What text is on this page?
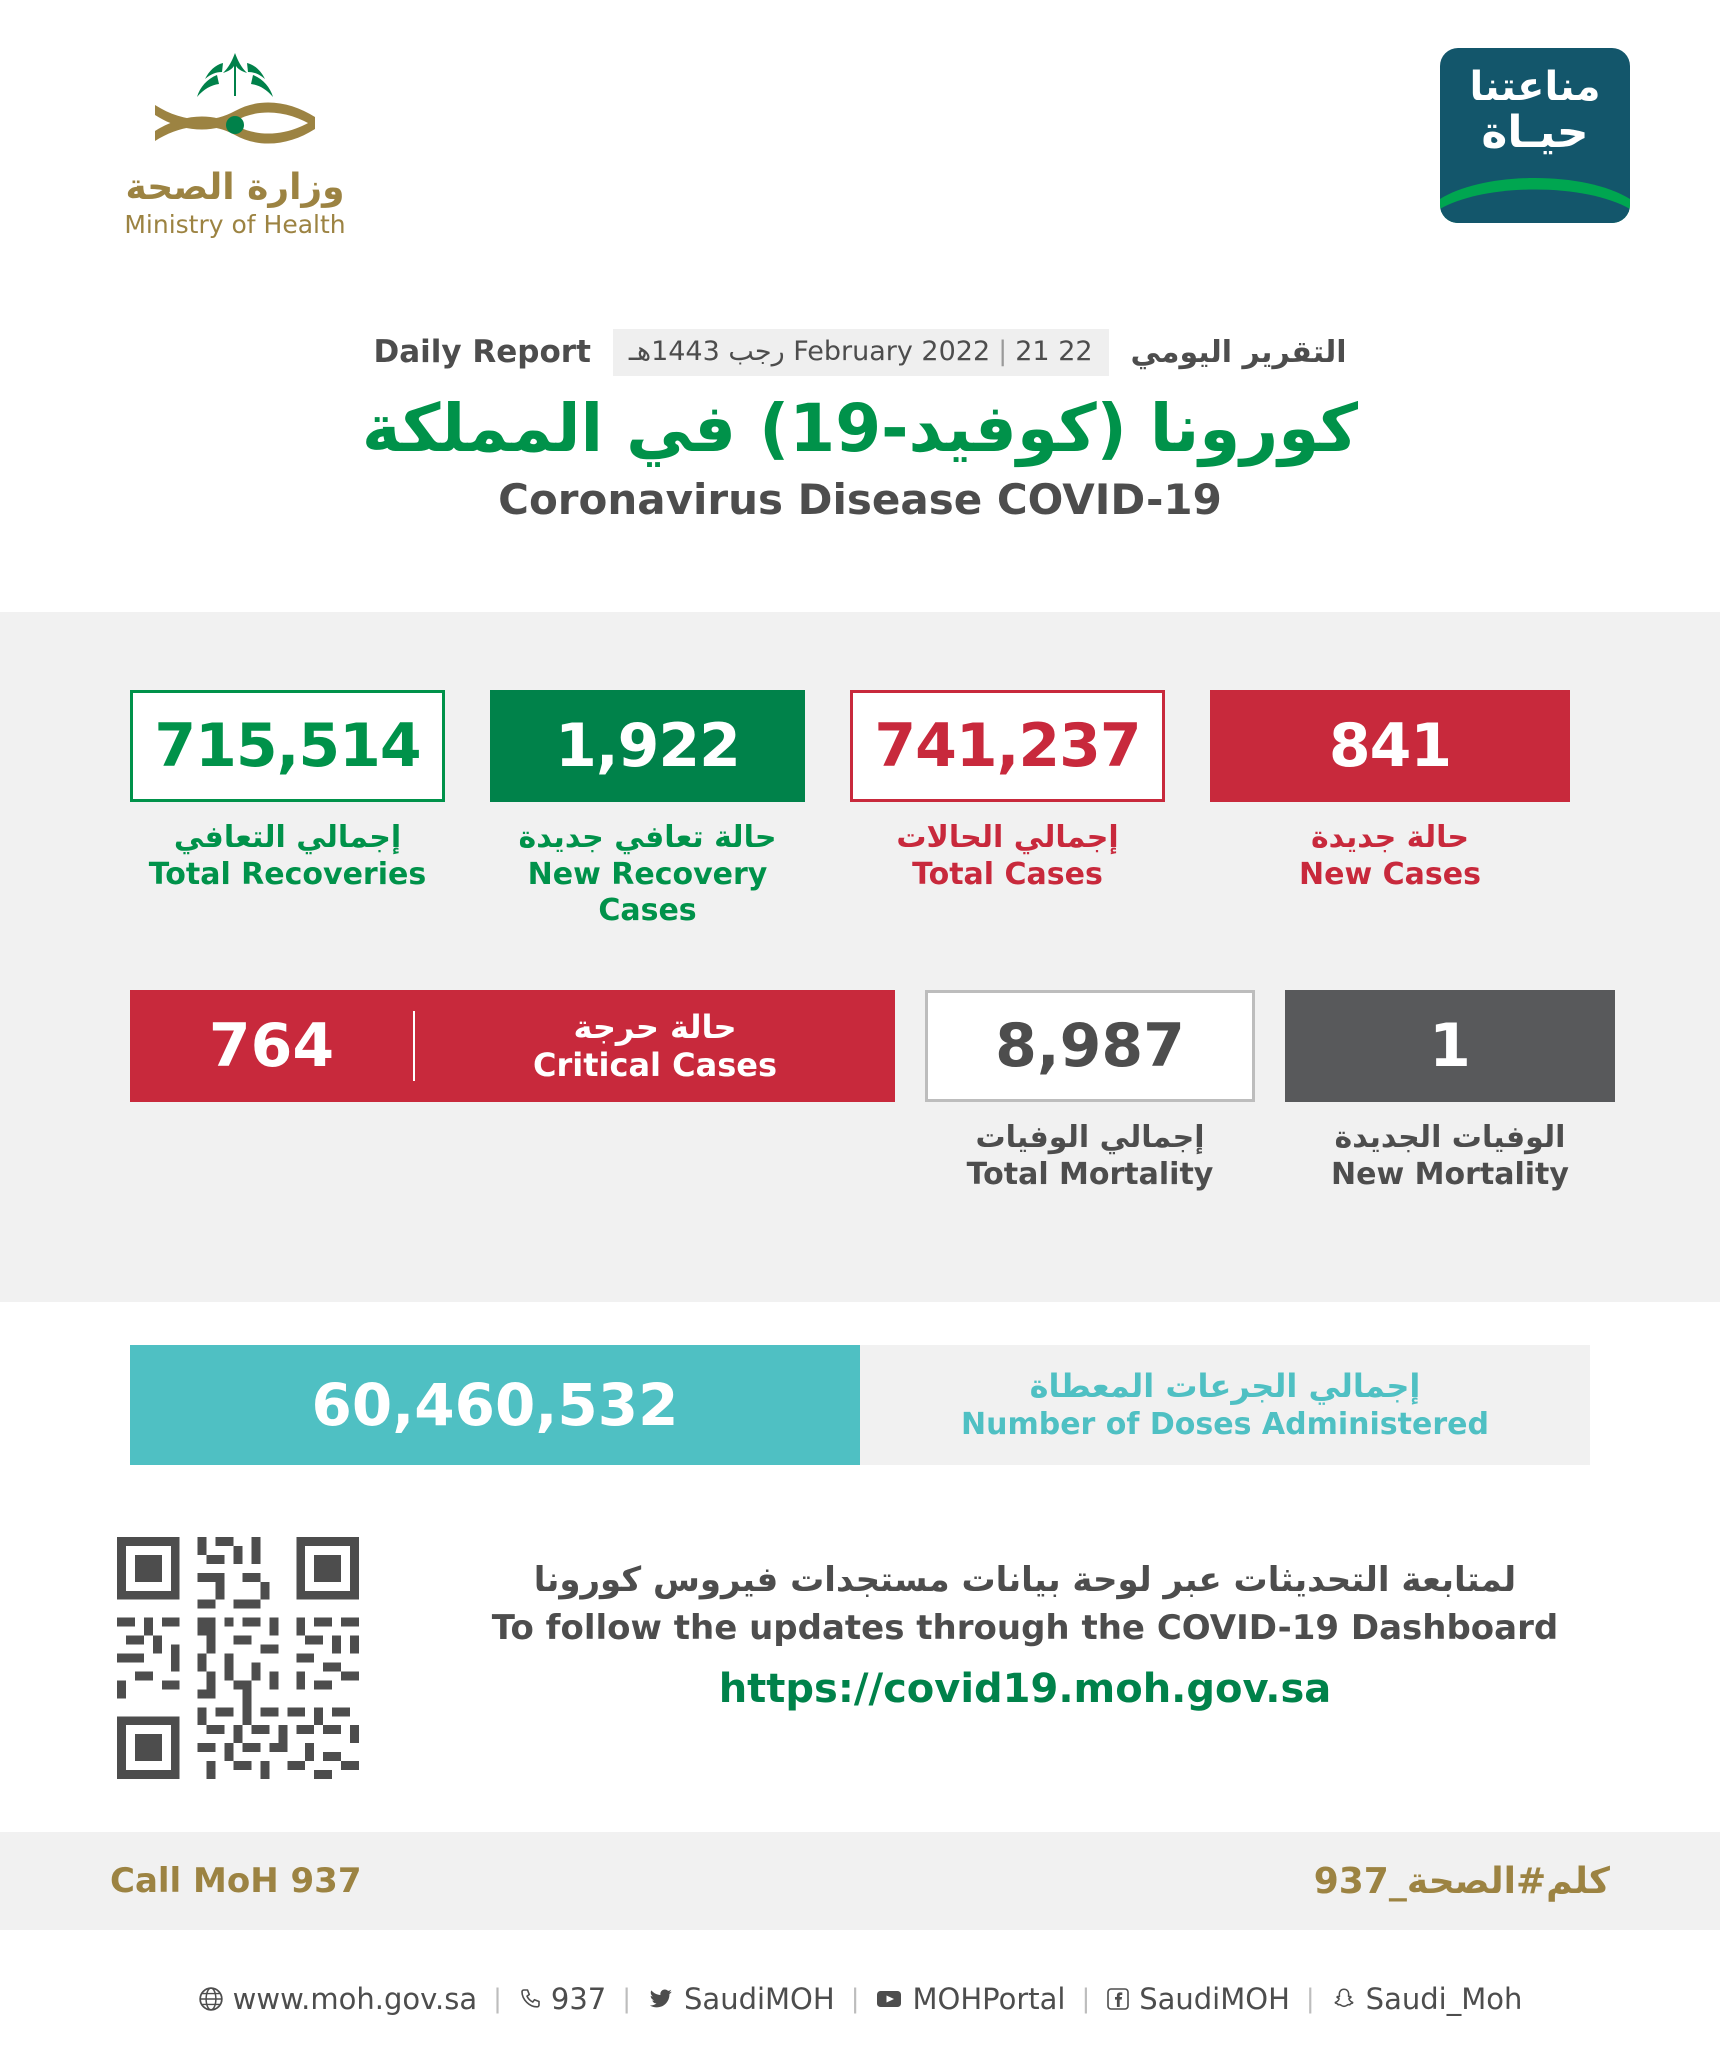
وزارة الصحة
Ministry of Health
مناعتنا
حيـاة
Daily Report	22 February 2022|21 رجب 1443هـ	التقرير اليومي
كورونا (كوفيد-19) في المملكة
Coronavirus Disease COVID-19
715,514
إجمالي التعافي
Total Recoveries
1,922
حالة تعافي جديدة
New Recovery Cases
741,237
إجمالي الحالات
Total Cases
841
حالة جديدة
New Cases
764	حالة حرجة
Critical Cases	8,987
إجمالي الوفيات
Total Mortality
1
الوفيات الجديدة
New Mortality
60,460,532	إجمالي الجرعات المعطاة
Number of Doses Administered
لمتابعة التحديثات عبر لوحة بيانات مستجدات فيروس كورونا
To follow the updates through the COVID-19 Dashboard
https://covid19.moh.gov.sa
Call MoH 937	كلم#الصحة_937
www.moh.gov.sa | 937 | SaudiMOH | MOHPortal | SaudiMOH | Saudi_Moh
